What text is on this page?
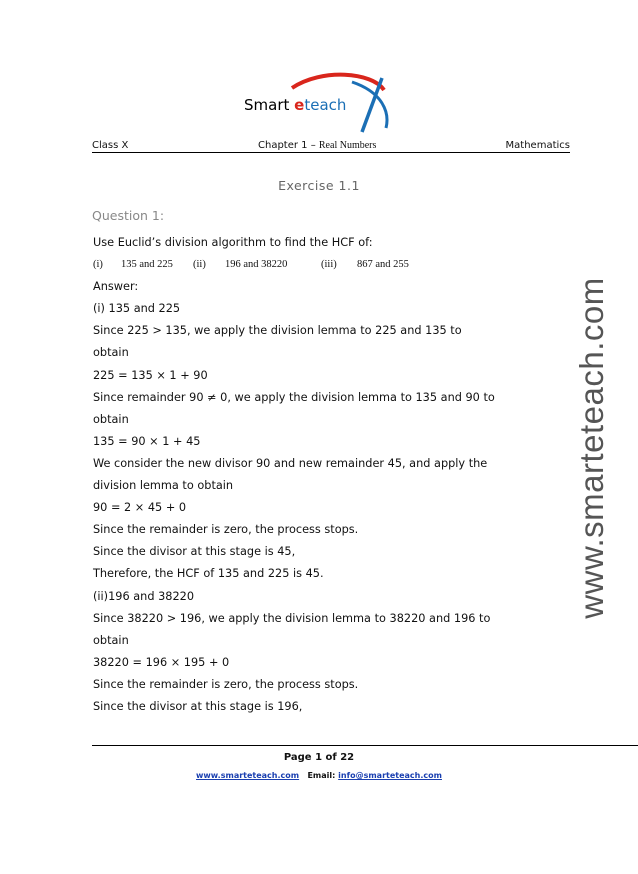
Smart eteach
Class X	Chapter 1 – Real Numbers	Mathematics
Exercise 1.1
Question 1:
Use Euclid’s division algorithm to find the HCF of:
(i) 135 and 225 (ii) 196 and 38220	(iii) 867 and 255
Answer:
(i) 135 and 225
Since 225 > 135, we apply the division lemma to 225 and 135 to
obtain
225 = 135 × 1 + 90
Since remainder 90 ≠ 0, we apply the division lemma to 135 and 90 to
obtain
135 = 90 × 1 + 45
We consider the new divisor 90 and new remainder 45, and apply the
division lemma to obtain
90 = 2 × 45 + 0
Since the remainder is zero, the process stops.
Since the divisor at this stage is 45,
Therefore, the HCF of 135 and 225 is 45.
(ii)196 and 38220
Since 38220 > 196, we apply the division lemma to 38220 and 196 to
obtain
38220 = 196 × 195 + 0
Since the remainder is zero, the process stops.
Since the divisor at this stage is 196,
www.smarteteach.com
Page 1 of 22
www.smarteteach.com Email: info@smarteteach.com
